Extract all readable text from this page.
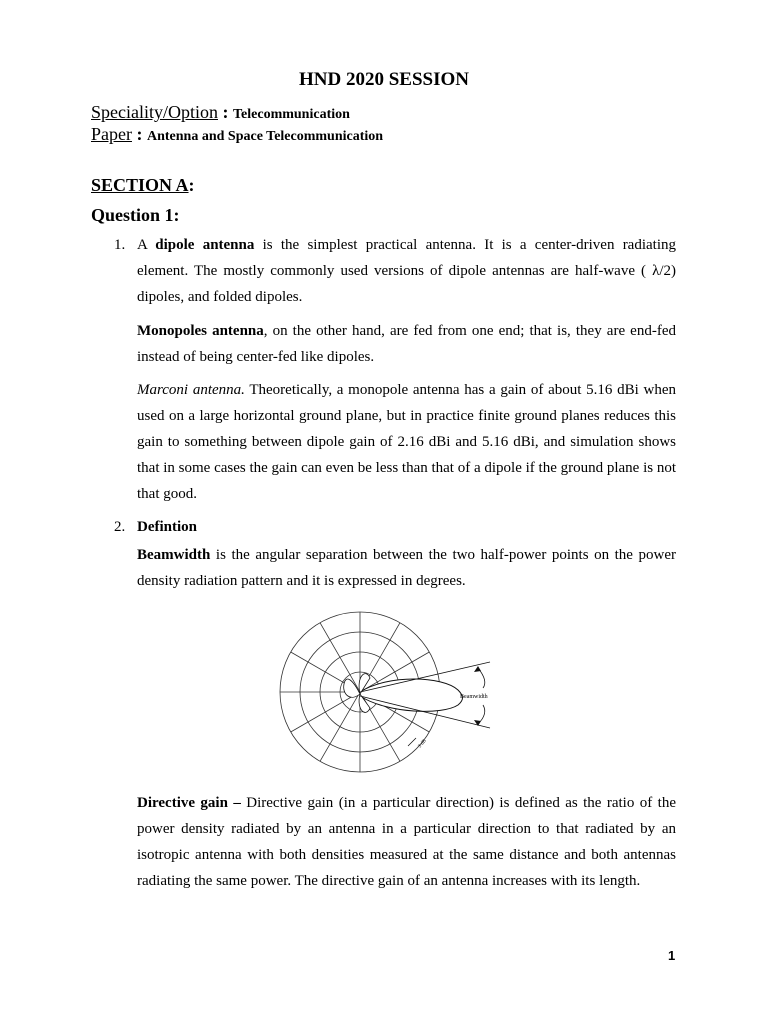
HND 2020 SESSION
Speciality/Option : Telecommunication
Paper : Antenna and Space Telecommunication
SECTION A:
Question 1:
1. A dipole antenna is the simplest practical antenna. It is a center-driven radiating element. The mostly commonly used versions of dipole antennas are half-wave ( λ/2) dipoles, and folded dipoles.
Monopoles antenna, on the other hand, are fed from one end; that is, they are end-fed instead of being center-fed like dipoles.
Marconi antenna. Theoretically, a monopole antenna has a gain of about 5.16 dBi when used on a large horizontal ground plane, but in practice finite ground planes reduces this gain to something between dipole gain of 2.16 dBi and 5.16 dBi, and simulation shows that in some cases the gain can even be less than that of a dipole if the ground plane is not that good.
2. Defintion
Beamwidth is the angular separation between the two half-power points on the power density radiation pattern and it is expressed in degrees.
Beamwidth
3 dB
Directive gain – Directive gain (in a particular direction) is defined as the ratio of the power density radiated by an antenna in a particular direction to that radiated by an isotropic antenna with both densities measured at the same distance and both antennas radiating the same power. The directive gain of an antenna increases with its length.
1
